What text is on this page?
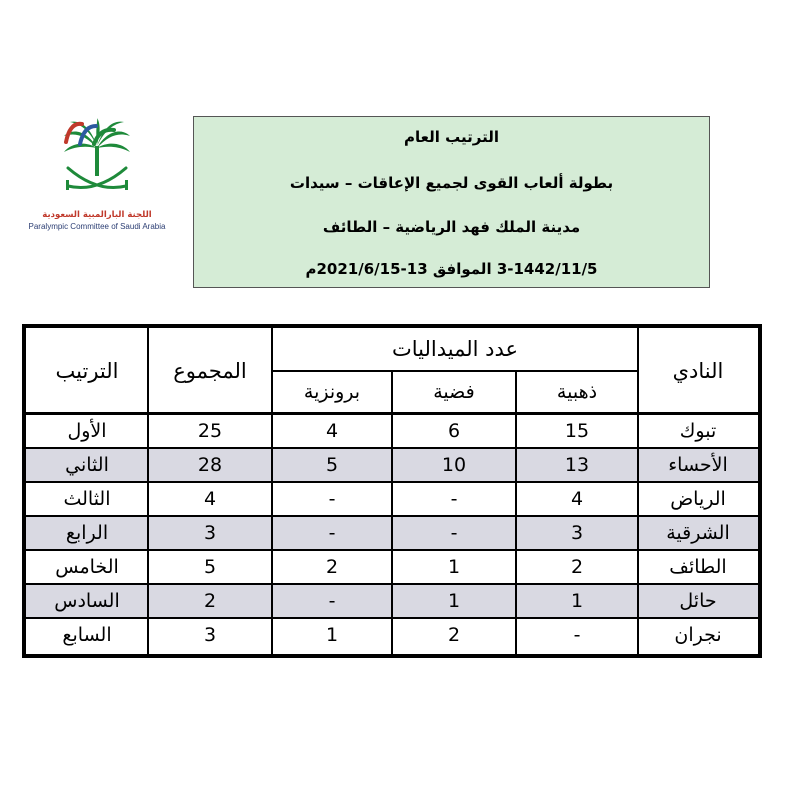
اللجنة البارالمبية السعودية
Paralympic Committee of Saudi Arabia
الترتيب العام
بطولة ألعاب القوى لجميع الإعاقات – سيدات
مدينة الملك فهد الرياضية – الطائف
3-1442/11/5 الموافق 13-2021/6/15م
الترتيب	المجموع
عدد الميداليات
برونزية	فضية	ذهبية
النادي
الأول	25	4	6	15	تبوك
الثاني	28	5	10	13	الأحساء
الثالث	4	-	-	4	الرياض
الرابع	3	-	-	3	الشرقية
الخامس	5	2	1	2	الطائف
السادس	2	-	1	1	حائل
السابع	3	1	2	-	نجران
